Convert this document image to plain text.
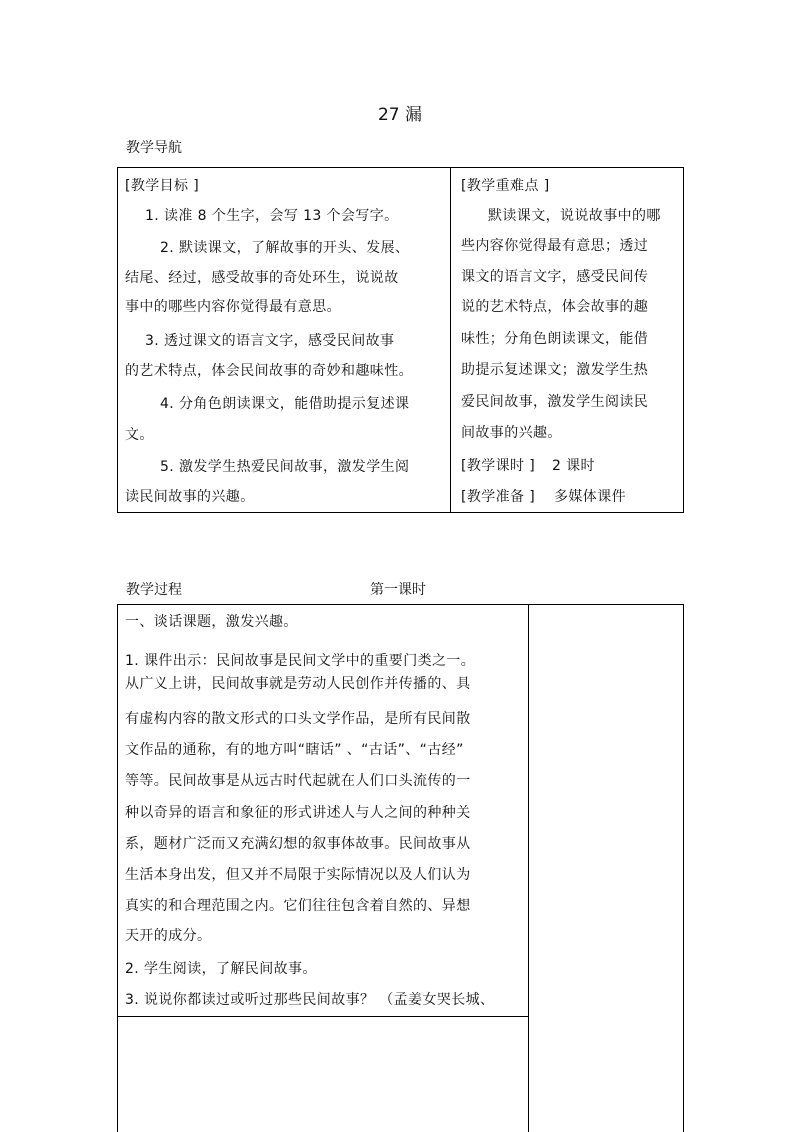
27 漏
教学导航
[教学目标 ]
1. 读准 8 个生字，会写 13 个会写字。
2. 默读课文，了解故事的开头、发展、
结尾、经过，感受故事的奇处环生，说说故
事中的哪些内容你觉得最有意思。
3. 透过课文的语言文字，感受民间故事
的艺术特点，体会民间故事的奇妙和趣味性。
4. 分角色朗读课文，能借助提示复述课
文。
5. 激发学生热爱民间故事，激发学生阅
读民间故事的兴趣。
[教学重难点 ]
默读课文，说说故事中的哪
些内容你觉得最有意思；透过
课文的语言文字，感受民间传
说的艺术特点，体会故事的趣
味性；分角色朗读课文，能借
助提示复述课文；激发学生热
爱民间故事，激发学生阅读民
间故事的兴趣。
[教学课时 ] 2 课时
[教学准备 ] 多媒体课件
教学过程	第一课时
一、谈话课题，激发兴趣。
1. 课件出示：民间故事是民间文学中的重要门类之一。
从广义上讲，民间故事就是劳动人民创作并传播的、具
有虚构内容的散文形式的口头文学作品，是所有民间散
文作品的通称，有的地方叫“瞎话” 、“古话”、“古经”
等等。民间故事是从远古时代起就在人们口头流传的一
种以奇异的语言和象征的形式讲述人与人之间的种种关
系，题材广泛而又充满幻想的叙事体故事。民间故事从
生活本身出发，但又并不局限于实际情况以及人们认为
真实的和合理范围之内。它们往往包含着自然的、异想
天开的成分。
2. 学生阅读，了解民间故事。
3. 说说你都读过或听过那些民间故事？ （孟姜女哭长城、
